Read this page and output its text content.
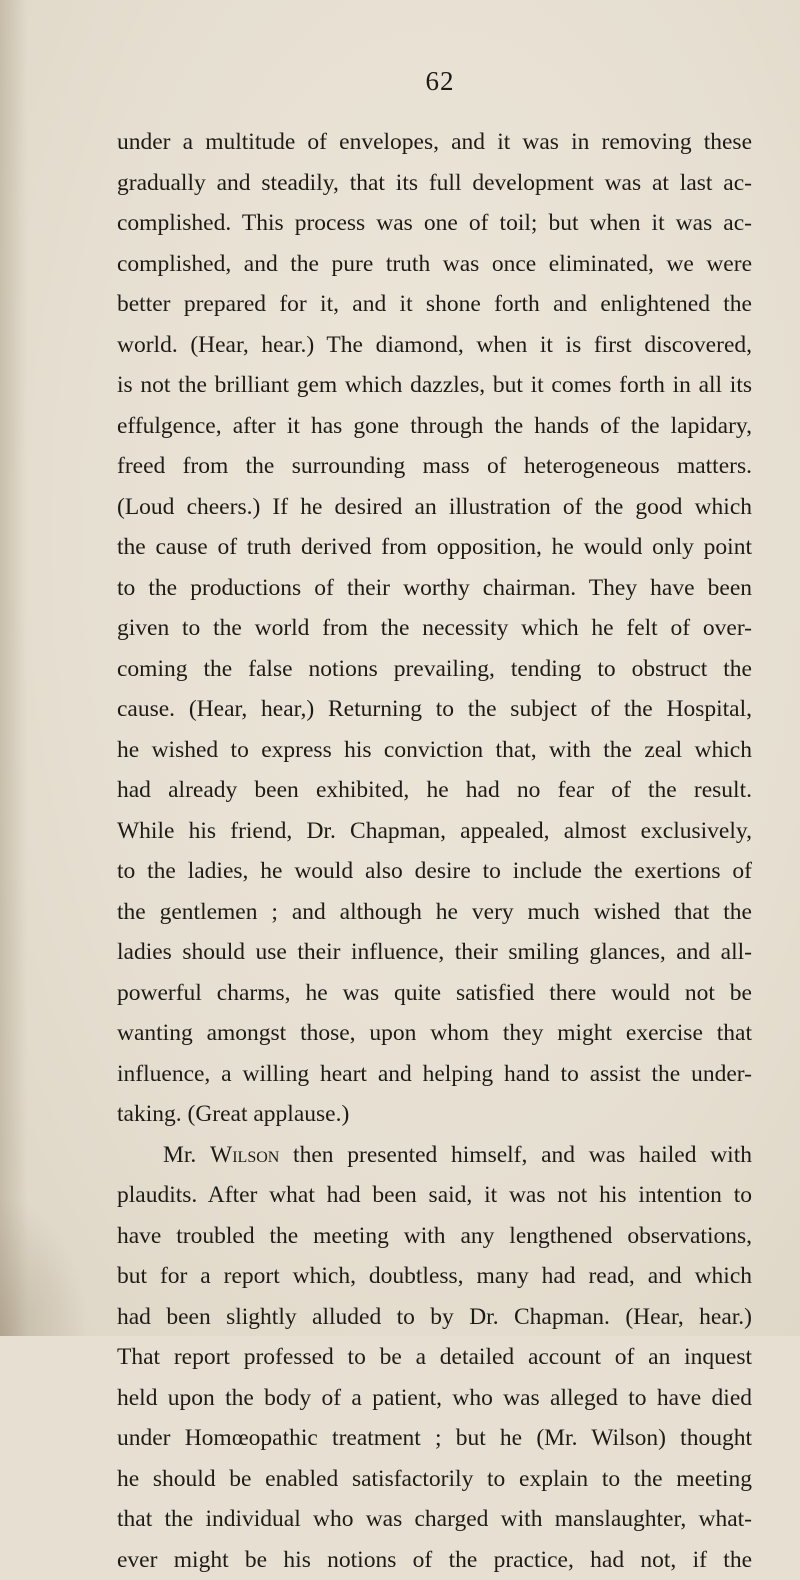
62
under a multitude of envelopes, and it was in removing these
gradually and steadily, that its full development was at last ac-
complished. This process was one of toil; but when it was ac-
complished, and the pure truth was once eliminated, we were
better prepared for it, and it shone forth and enlightened the
world. (Hear, hear.) The diamond, when it is first discovered,
is not the brilliant gem which dazzles, but it comes forth in all its
effulgence, after it has gone through the hands of the lapidary,
freed from the surrounding mass of heterogeneous matters.
(Loud cheers.) If he desired an illustration of the good which
the cause of truth derived from opposition, he would only point
to the productions of their worthy chairman. They have been
given to the world from the necessity which he felt of over-
coming the false notions prevailing, tending to obstruct the
cause. (Hear, hear,) Returning to the subject of the Hospital,
he wished to express his conviction that, with the zeal which
had already been exhibited, he had no fear of the result.
While his friend, Dr. Chapman, appealed, almost exclusively,
to the ladies, he would also desire to include the exertions of
the gentlemen ; and although he very much wished that the
ladies should use their influence, their smiling glances, and all-
powerful charms, he was quite satisfied there would not be
wanting amongst those, upon whom they might exercise that
influence, a willing heart and helping hand to assist the under-
taking. (Great applause.)
Mr. Wilson then presented himself, and was hailed with
plaudits. After what had been said, it was not his intention to
have troubled the meeting with any lengthened observations,
but for a report which, doubtless, many had read, and which
had been slightly alluded to by Dr. Chapman. (Hear, hear.)
That report professed to be a detailed account of an inquest
held upon the body of a patient, who was alleged to have died
under Homœopathic treatment ; but he (Mr. Wilson) thought
he should be enabled satisfactorily to explain to the meeting
that the individual who was charged with manslaughter, what-
ever might be his notions of the practice, had not, if the
